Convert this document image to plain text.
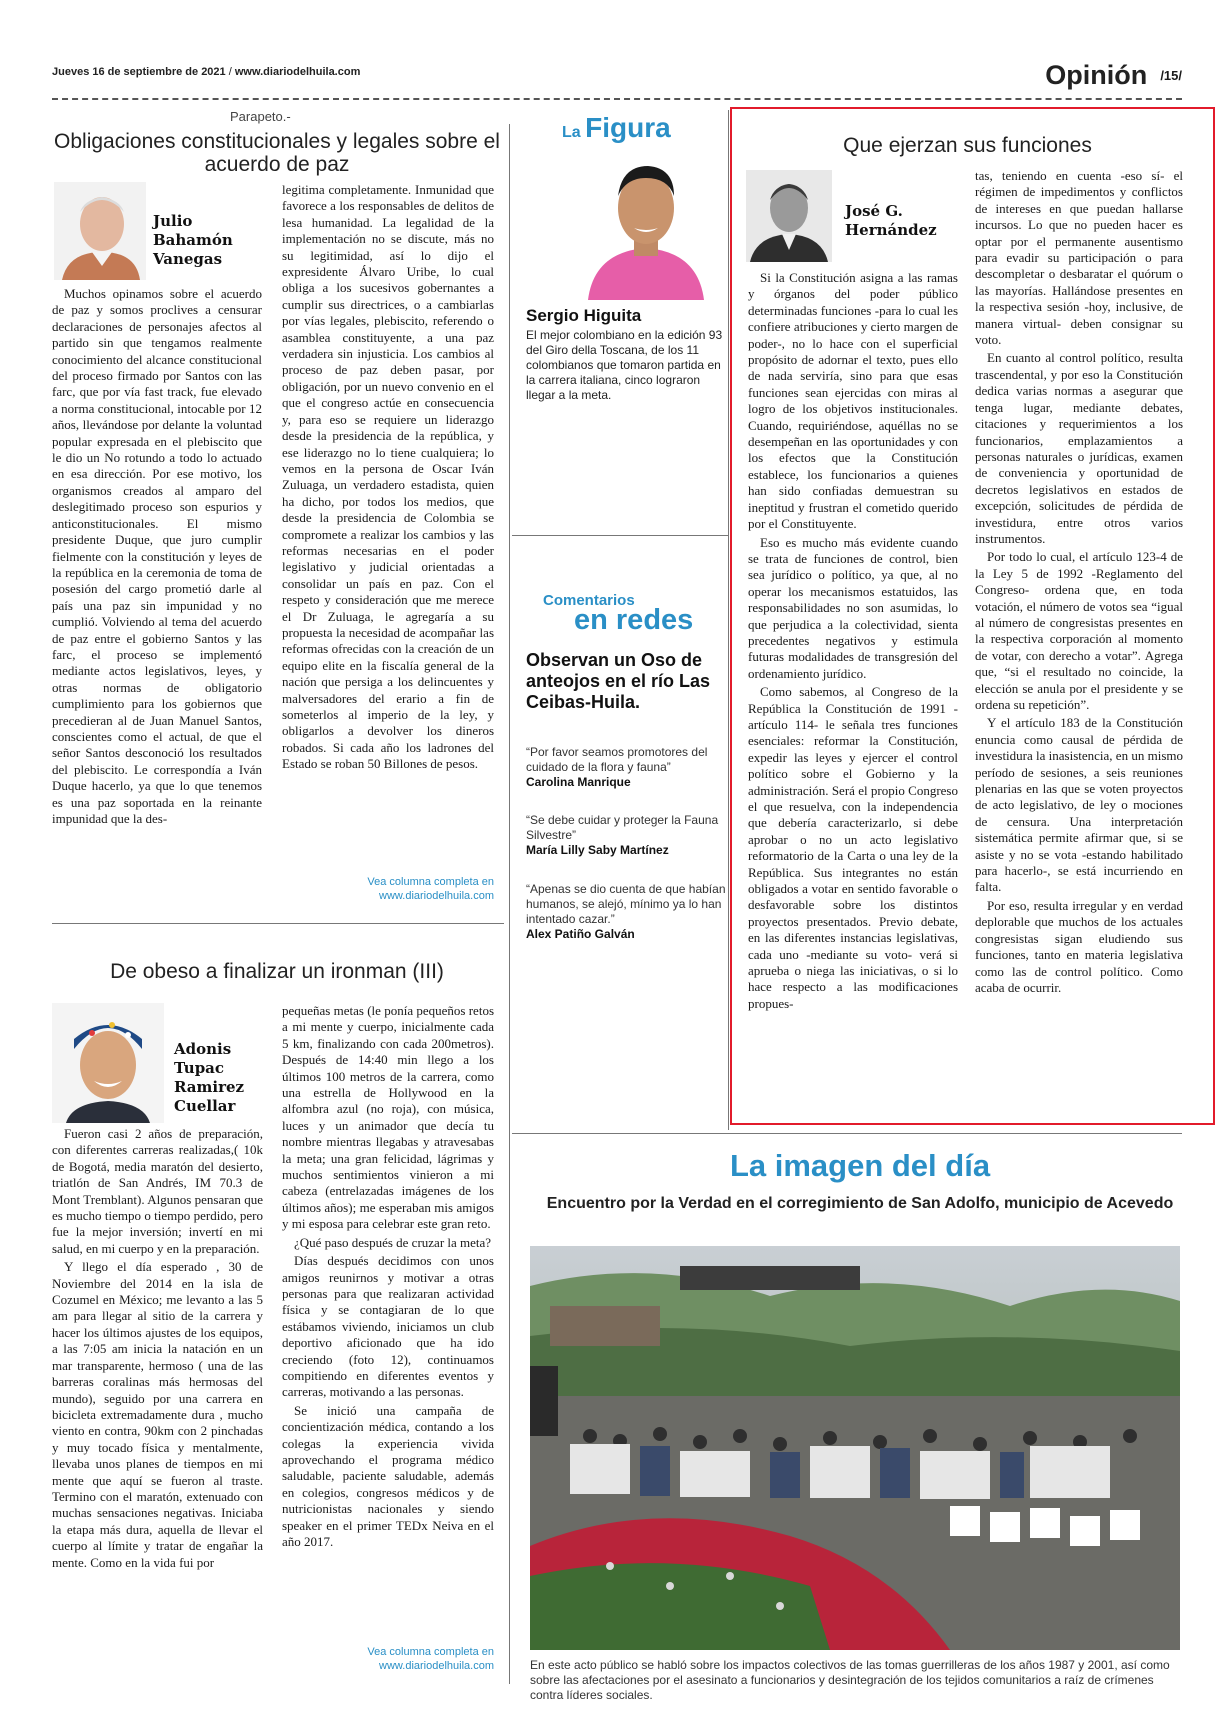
Jueves 16 de septiembre de 2021 / www.diariodelhuila.com	Opinión $^{/15/}$
Parapeto.-
Obligaciones constitucionales y legales sobre el acuerdo de paz
Julio Bahamón Vanegas

Muchos opinamos sobre el acuerdo de paz y somos proclives a censurar declaraciones de personajes afectos al partido sin que tengamos realmente conocimiento del alcance constitucional del proceso firmado por Santos con las farc, que por vía fast track, fue elevado a norma constitucional, intocable por 12 años, llevándose por delante la voluntad popular expresada en el plebiscito que le dio un No rotundo a todo lo actuado en esa dirección. Por ese motivo, los organismos creados al amparo del deslegitimado proceso son espurios y anticonstitucionales. El mismo presidente Duque, que juro cumplir fielmente con la constitución y leyes de la república en la ceremonia de toma de posesión del cargo prometió darle al país una paz sin impunidad y no cumplió. Volviendo al tema del acuerdo de paz entre el gobierno Santos y las farc, el proceso se implementó mediante actos legislativos, leyes, y otras normas de obligatorio cumplimiento para los gobiernos que precedieran al de Juan Manuel Santos, conscientes como el actual, de que el señor Santos desconoció los resultados del plebiscito. Le correspondía a Iván Duque hacerlo, ya que lo que tenemos es una paz soportada en la reinante impunidad que la des-

legitima completamente. Inmunidad que favorece a los responsables de delitos de lesa humanidad. La legalidad de la implementación no se discute, más no su legitimidad, así lo dijo el expresidente Álvaro Uribe, lo cual obliga a los sucesivos gobernantes a cumplir sus directrices, o a cambiarlas por vías legales, plebiscito, referendo o asamblea constituyente, a una paz verdadera sin injusticia. Los cambios al proceso de paz deben pasar, por obligación, por un nuevo convenio en el que el congreso actúe en consecuencia y, para eso se requiere un liderazgo desde la presidencia de la república, y ese liderazgo no lo tiene cualquiera; lo vemos en la persona de Oscar Iván Zuluaga, un verdadero estadista, quien ha dicho, por todos los medios, que desde la presidencia de Colombia se compromete a realizar los cambios y las reformas necesarias en el poder legislativo y judicial orientadas a consolidar un país en paz. Con el respeto y consideración que me merece el Dr Zuluaga, le agregaría a su propuesta la necesidad de acompañar las reformas ofrecidas con la creación de un equipo elite en la fiscalía general de la nación que persiga a los delincuentes y malversadores del erario a fin de someterlos al imperio de la ley, y obligarlos a devolver los dineros robados. Si cada año los ladrones del Estado se roban 50 Billones de pesos.

Vea columna completa en
www.diariodelhuila.com
De obeso a finalizar un ironman (III)
Adonis Tupac Ramirez Cuellar

Fueron casi 2 años de preparación, con diferentes carreras realizadas,( 10k de Bogotá, media maratón del desierto, triatlón de San Andrés, IM 70.3 de Mont Tremblant). Algunos pensaran que es mucho tiempo o tiempo perdido, pero fue la mejor inversión; invertí en mi salud, en mi cuerpo y en la preparación.

Y llego el día esperado , 30 de Noviembre del 2014 en la isla de Cozumel en México; me levanto a las 5 am para llegar al sitio de la carrera y hacer los últimos ajustes de los equipos, a las 7:05 am inicia la natación en un mar transparente, hermoso ( una de las barreras coralinas más hermosas del mundo), seguido por una carrera en bicicleta extremadamente dura , mucho viento en contra, 90km con 2 pinchadas y muy tocado física y mentalmente, llevaba unos planes de tiempos en mi mente que aquí se fueron al traste. Termino con el maratón, extenuado con muchas sensaciones negativas. Iniciaba la etapa más dura, aquella de llevar el cuerpo al límite y tratar de engañar la mente. Como en la vida fui por

pequeñas metas (le ponía pequeños retos a mi mente y cuerpo, inicialmente cada 5 km, finalizando con cada 200metros). Después de 14:40 min llego a los últimos 100 metros de la carrera, como una estrella de Hollywood en la alfombra azul (no roja), con música, luces y un animador que decía tu nombre mientras llegabas y atravesabas la meta; una gran felicidad, lágrimas y muchos sentimientos vinieron a mi cabeza (entrelazadas imágenes de los últimos años); me esperaban mis amigos y mi esposa para celebrar este gran reto.

¿Qué paso después de cruzar la meta?

Días después decidimos con unos amigos reunirnos y motivar a otras personas para que realizaran actividad física y se contagiaran de lo que estábamos viviendo, iniciamos un club deportivo aficionado que ha ido creciendo (foto 12), continuamos compitiendo en diferentes eventos y carreras, motivando a las personas.

Se inició una campaña de concientización médica, contando a los colegas la experiencia vivida aprovechando el programa médico saludable, paciente saludable, además en colegios, congresos médicos y de nutricionistas nacionales y siendo speaker en el primer TEDx Neiva en el año 2017.

Vea columna completa en
www.diariodelhuila.com
La Figura
Sergio Higuita
El mejor colombiano en la edición 93 del Giro della Toscana, de los 11 colombianos que tomaron partida en la carrera italiana, cinco lograron llegar a la meta.
Comentarios
en redes
Observan un Oso de anteojos en el río Las Ceibas-Huila.
“Por favor seamos promotores del cuidado de la flora y fauna”
Carolina Manrique
“Se debe cuidar y proteger la Fauna Silvestre”
María Lilly Saby Martínez
“Apenas se dio cuenta de que habían humanos, se alejó, mínimo ya lo han intentado cazar.”
Alex Patiño Galván
Que ejerzan sus funciones
José G. Hernández

Si la Constitución asigna a las ramas y órganos del poder público determinadas funciones -para lo cual les confiere atribuciones y cierto margen de poder-, no lo hace con el superficial propósito de adornar el texto, pues ello de nada serviría, sino para que esas funciones sean ejercidas con miras al logro de los objetivos institucionales. Cuando, requiriéndose, aquéllas no se desempeñan en las oportunidades y con los efectos que la Constitución establece, los funcionarios a quienes han sido confiadas demuestran su ineptitud y frustran el cometido querido por el Constituyente.

Eso es mucho más evidente cuando se trata de funciones de control, bien sea jurídico o político, ya que, al no operar los mecanismos estatuidos, las responsabilidades no son asumidas, lo que perjudica a la colectividad, sienta precedentes negativos y estimula futuras modalidades de transgresión del ordenamiento jurídico.

Como sabemos, al Congreso de la República la Constitución de 1991 -artículo 114- le señala tres funciones esenciales: reformar la Constitución, expedir las leyes y ejercer el control político sobre el Gobierno y la administración. Será el propio Congreso el que resuelva, con la independencia que debería caracterizarlo, si debe aprobar o no un acto legislativo reformatorio de la Carta o una ley de la República. Sus integrantes no están obligados a votar en sentido favorable o desfavorable sobre los distintos proyectos presentados. Previo debate, en las diferentes instancias legislativas, cada uno -mediante su voto- verá si aprueba o niega las iniciativas, o si lo hace respecto a las modificaciones propues-

tas, teniendo en cuenta -eso sí- el régimen de impedimentos y conflictos de intereses en que puedan hallarse incursos. Lo que no pueden hacer es optar por el permanente ausentismo para evadir su participación o para descompletar o desbaratar el quórum o las mayorías. Hallándose presentes en la respectiva sesión -hoy, inclusive, de manera virtual- deben consignar su voto.

En cuanto al control político, resulta trascendental, y por eso la Constitución dedica varias normas a asegurar que tenga lugar, mediante debates, citaciones y requerimientos a los funcionarios, emplazamientos a personas naturales o jurídicas, examen de conveniencia y oportunidad de decretos legislativos en estados de excepción, solicitudes de pérdida de investidura, entre otros varios instrumentos.

Por todo lo cual, el artículo 123-4 de la Ley 5 de 1992 -Reglamento del Congreso- ordena que, en toda votación, el número de votos sea “igual al número de congresistas presentes en la respectiva corporación al momento de votar, con derecho a votar”. Agrega que, “si el resultado no coincide, la elección se anula por el presidente y se ordena su repetición”.

Y el artículo 183 de la Constitución enuncia como causal de pérdida de investidura la inasistencia, en un mismo período de sesiones, a seis reuniones plenarias en las que se voten proyectos de acto legislativo, de ley o mociones de censura. Una interpretación sistemática permite afirmar que, si se asiste y no se vota -estando habilitado para hacerlo-, se está incurriendo en falta.

Por eso, resulta irregular y en verdad deplorable que muchos de los actuales congresistas sigan eludiendo sus funciones, tanto en materia legislativa como las de control político. Como acaba de ocurrir.

La imagen del día
Encuentro por la Verdad en el corregimiento de San Adolfo, municipio de Acevedo
En este acto público se habló sobre los impactos colectivos de las tomas guerrilleras de los años 1987 y 2001, así como sobre las afectaciones por el asesinato a funcionarios y desintegración de los tejidos comunitarios a raíz de crímenes contra líderes sociales.
